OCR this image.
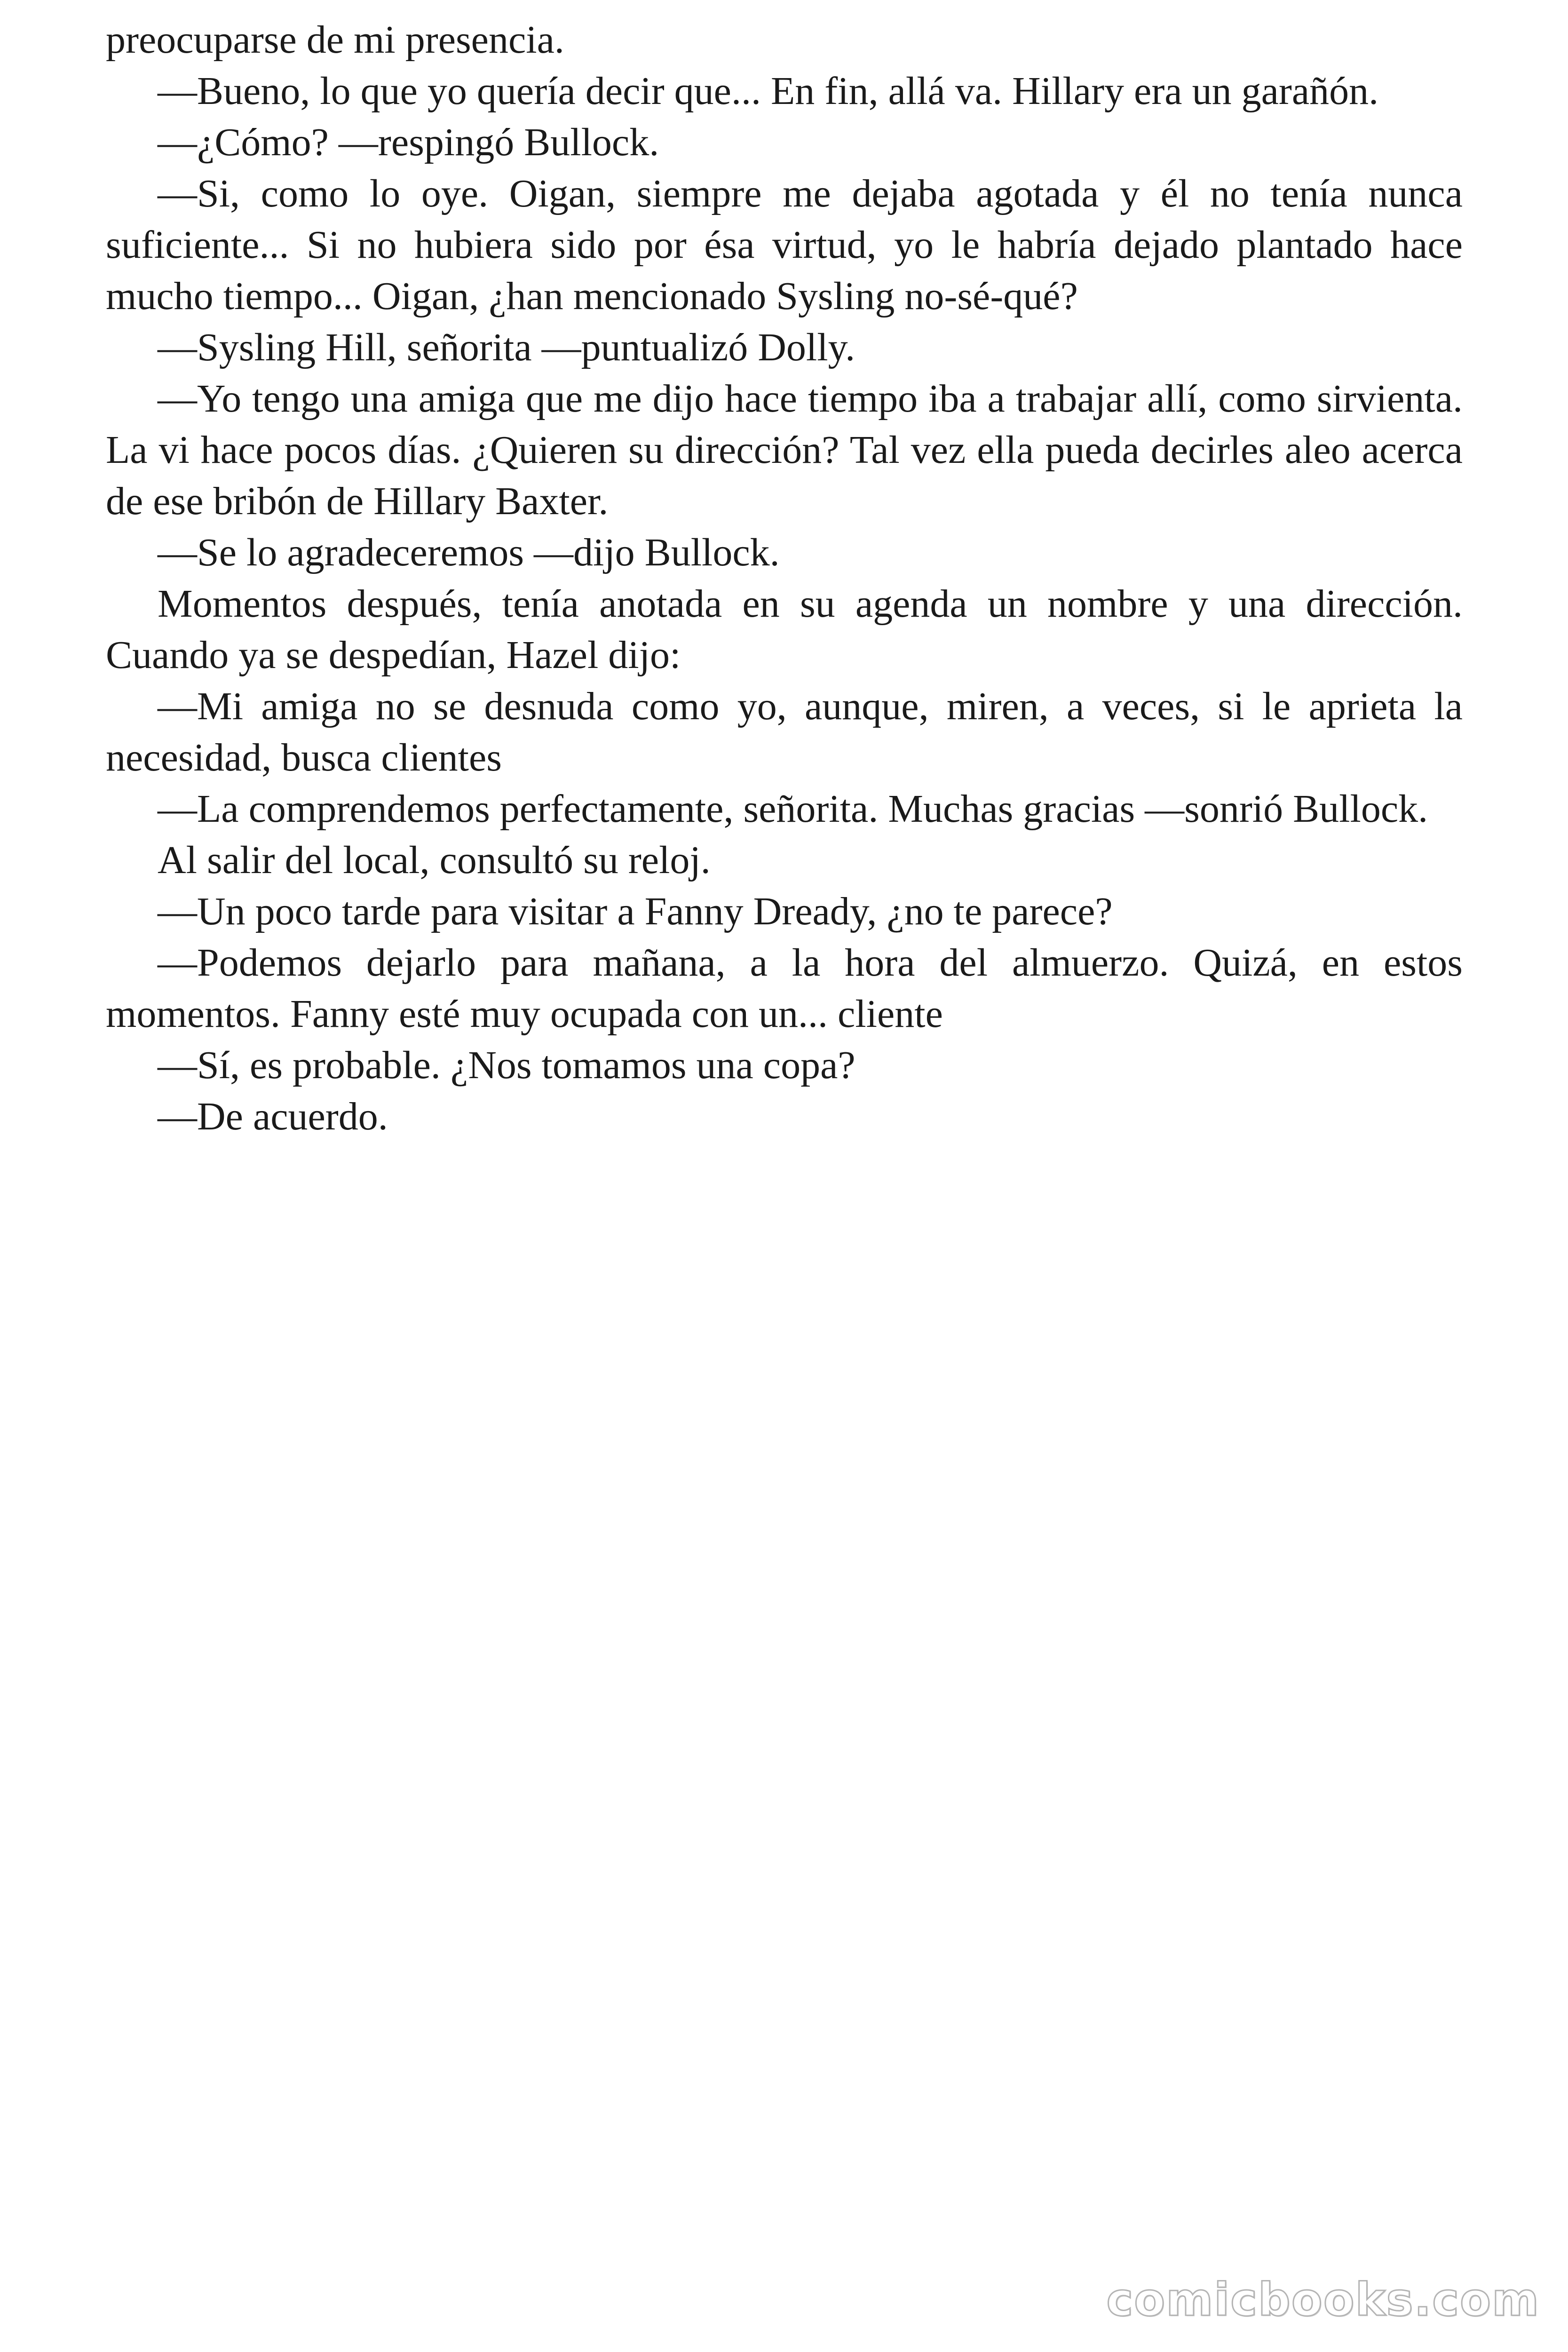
preocuparse de mi presencia.

—Bueno, lo que yo quería decir que... En fin, allá va. Hillary era un garañón.

—¿Cómo? —respingó Bullock.

—Si, como lo oye. Oigan, siempre me dejaba agotada y él no tenía nunca suficiente... Si no hubiera sido por ésa virtud, yo le habría dejado plantado hace mucho tiempo... Oigan, ¿han mencionado Sysling no-sé-qué?

—Sysling Hill, señorita —puntualizó Dolly.

—Yo tengo una amiga que me dijo hace tiempo iba a trabajar allí, como sirvienta. La vi hace pocos días. ¿Quieren su dirección? Tal vez ella pueda decirles aleo acerca de ese bribón de Hillary Baxter.

—Se lo agradeceremos —dijo Bullock.

Momentos después, tenía anotada en su agenda un nombre y una dirección. Cuando ya se despedían, Hazel dijo:

—Mi amiga no se desnuda como yo, aunque, miren, a veces, si le aprieta la necesidad, busca clientes

—La comprendemos perfectamente, señorita. Muchas gracias —sonrió Bullock.

Al salir del local, consultó su reloj.

—Un poco tarde para visitar a Fanny Dready, ¿no te parece?

—Podemos dejarlo para mañana, a la hora del almuerzo. Quizá, en estos momentos. Fanny esté muy ocupada con un... cliente

—Sí, es probable. ¿Nos tomamos una copa?

—De acuerdo.

comicbooks.com
